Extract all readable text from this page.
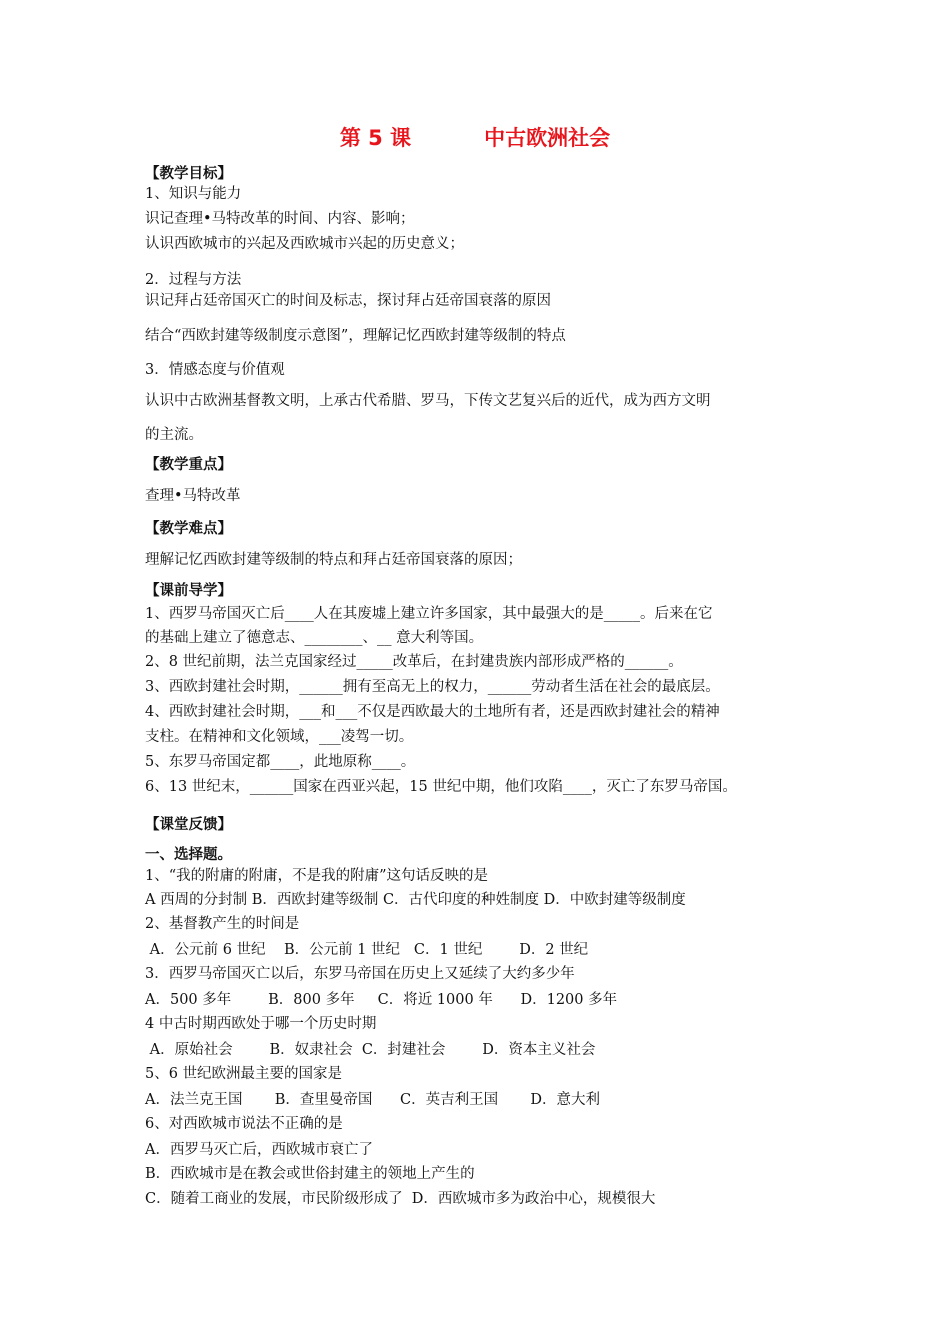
第 5 课          中古欧洲社会
【教学目标】
1、知识与能力
识记查理•马特改革的时间、内容、影响；
认识西欧城市的兴起及西欧城市兴起的历史意义；
2．过程与方法
识记拜占廷帝国灭亡的时间及标志，探讨拜占廷帝国衰落的原因
结合“西欧封建等级制度示意图”，理解记忆西欧封建等级制的特点
3．情感态度与价值观
认识中古欧洲基督教文明，上承古代希腊、罗马，下传文艺复兴后的近代，成为西方文明
的主流。
【教学重点】
查理•马特改革
【教学难点】
理解记忆西欧封建等级制的特点和拜占廷帝国衰落的原因；
【课前导学】
1、西罗马帝国灭亡后____人在其废墟上建立许多国家，其中最强大的是_____。后来在它
的基础上建立了德意志、________、__ 意大利等国。
2、8 世纪前期，法兰克国家经过_____改革后，在封建贵族内部形成严格的______。
3、西欧封建社会时期，______拥有至高无上的权力，______劳动者生活在社会的最底层。
4、西欧封建社会时期，___和___不仅是西欧最大的土地所有者，还是西欧封建社会的精神
支柱。在精神和文化领域，___凌驾一切。
5、东罗马帝国定都____，此地原称____。
6、13 世纪末，______国家在西亚兴起，15 世纪中期，他们攻陷____，灭亡了东罗马帝国。
【课堂反馈】
一、选择题。
1、“我的附庸的附庸，不是我的附庸”这句话反映的是
A 西周的分封制 B．西欧封建等级制 C．古代印度的种姓制度 D．中欧封建等级制度
2、基督教产生的时间是
A．公元前 6 世纪    B．公元前 1 世纪   C．1 世纪        D．2 世纪
3．西罗马帝国灭亡以后，东罗马帝国在历史上又延续了大约多少年
A．500 多年        B．800 多年     C．将近 1000 年      D．1200 多年
4 中古时期西欧处于哪一个历史时期
A．原始社会        B．奴隶社会  C．封建社会        D．资本主义社会
5、6 世纪欧洲最主要的国家是
A．法兰克王国       B．查里曼帝国      C．英吉利王国       D．意大利
6、对西欧城市说法不正确的是
A．西罗马灭亡后，西欧城市衰亡了
B．西欧城市是在教会或世俗封建主的领地上产生的
C．随着工商业的发展，市民阶级形成了  D．西欧城市多为政治中心，规模很大
